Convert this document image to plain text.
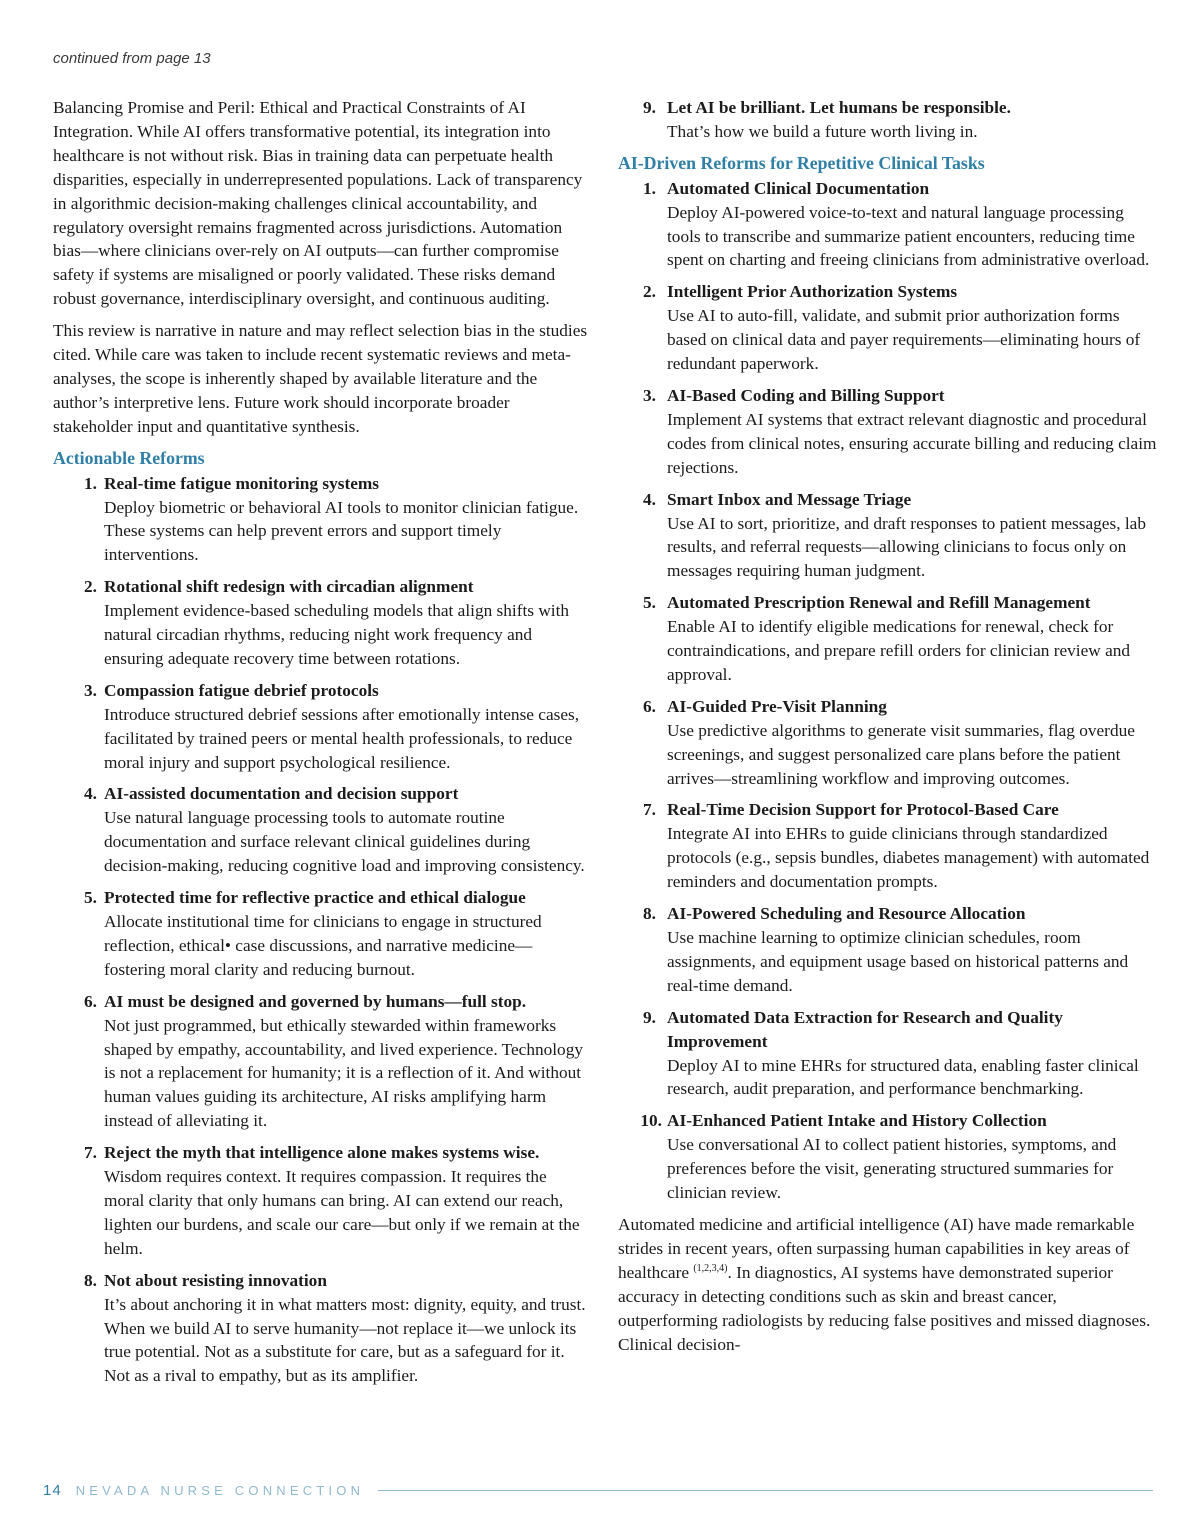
continued from page 13

Balancing Promise and Peril: Ethical and Practical Constraints of AI Integration. While AI offers transformative potential, its integration into healthcare is not without risk. Bias in training data can perpetuate health disparities, especially in underrepresented populations. Lack of transparency in algorithmic decision-making challenges clinical accountability, and regulatory oversight remains fragmented across jurisdictions. Automation bias—where clinicians over-rely on AI outputs—can further compromise safety if systems are misaligned or poorly validated. These risks demand robust governance, interdisciplinary oversight, and continuous auditing.

This review is narrative in nature and may reflect selection bias in the studies cited. While care was taken to include recent systematic reviews and meta-analyses, the scope is inherently shaped by available literature and the author’s interpretive lens. Future work should incorporate broader stakeholder input and quantitative synthesis.

Actionable Reforms
1. Real-time fatigue monitoring systems

Deploy biometric or behavioral AI tools to monitor clinician fatigue. These systems can help prevent errors and support timely interventions.

2. Rotational shift redesign with circadian alignment

Implement evidence-based scheduling models that align shifts with natural circadian rhythms, reducing night work frequency and ensuring adequate recovery time between rotations.

3. Compassion fatigue debrief protocols

Introduce structured debrief sessions after emotionally intense cases, facilitated by trained peers or mental health professionals, to reduce moral injury and support psychological resilience.

4. AI-assisted documentation and decision support

Use natural language processing tools to automate routine documentation and surface relevant clinical guidelines during decision-making, reducing cognitive load and improving consistency.

5. Protected time for reflective practice and ethical dialogue

Allocate institutional time for clinicians to engage in structured reflection, ethical• case discussions, and narrative medicine—fostering moral clarity and reducing burnout.

6. AI must be designed and governed by humans—full stop.

Not just programmed, but ethically stewarded within frameworks shaped by empathy, accountability, and lived experience. Technology is not a replacement for humanity; it is a reflection of it. And without human values guiding its architecture, AI risks amplifying harm instead of alleviating it.

7. Reject the myth that intelligence alone makes systems wise.

Wisdom requires context. It requires compassion. It requires the moral clarity that only humans can bring. AI can extend our reach, lighten our burdens, and scale our care—but only if we remain at the helm.

8. Not about resisting innovation

It’s about anchoring it in what matters most: dignity, equity, and trust. When we build AI to serve humanity—not replace it—we unlock its true potential. Not as a substitute for care, but as a safeguard for it. Not as a rival to empathy, but as its amplifier.

9. Let AI be brilliant. Let humans be responsible.

That’s how we build a future worth living in.

AI-Driven Reforms for Repetitive Clinical Tasks
1. Automated Clinical Documentation

Deploy AI-powered voice-to-text and natural language processing tools to transcribe and summarize patient encounters, reducing time spent on charting and freeing clinicians from administrative overload.

2. Intelligent Prior Authorization Systems

Use AI to auto-fill, validate, and submit prior authorization forms based on clinical data and payer requirements—eliminating hours of redundant paperwork.

3. AI-Based Coding and Billing Support

Implement AI systems that extract relevant diagnostic and procedural codes from clinical notes, ensuring accurate billing and reducing claim rejections.

4. Smart Inbox and Message Triage

Use AI to sort, prioritize, and draft responses to patient messages, lab results, and referral requests—allowing clinicians to focus only on messages requiring human judgment.

5. Automated Prescription Renewal and Refill Management

Enable AI to identify eligible medications for renewal, check for contraindications, and prepare refill orders for clinician review and approval.

6. AI-Guided Pre-Visit Planning

Use predictive algorithms to generate visit summaries, flag overdue screenings, and suggest personalized care plans before the patient arrives—streamlining workflow and improving outcomes.

7. Real-Time Decision Support for Protocol-Based Care

Integrate AI into EHRs to guide clinicians through standardized protocols (e.g., sepsis bundles, diabetes management) with automated reminders and documentation prompts.

8. AI-Powered Scheduling and Resource Allocation

Use machine learning to optimize clinician schedules, room assignments, and equipment usage based on historical patterns and real-time demand.

9. Automated Data Extraction for Research and Quality Improvement

Deploy AI to mine EHRs for structured data, enabling faster clinical research, audit preparation, and performance benchmarking.

10. AI-Enhanced Patient Intake and History Collection

Use conversational AI to collect patient histories, symptoms, and preferences before the visit, generating structured summaries for clinician review.

Automated medicine and artificial intelligence (AI) have made remarkable strides in recent years, often surpassing human capabilities in key areas of healthcare $^{(1,2,3,4)}$. In diagnostics, AI systems have demonstrated superior accuracy in detecting conditions such as skin and breast cancer, outperforming radiologists by reducing false positives and missed diagnoses. Clinical decision-

14 NEVADA NURSE CONNECTION
